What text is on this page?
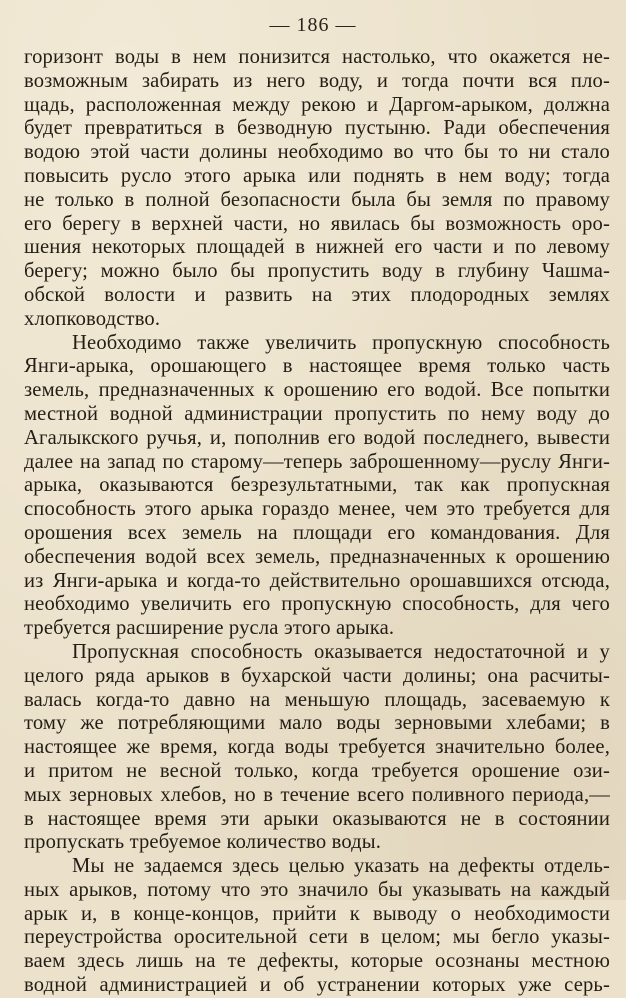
— 186 —
горизонт воды в нем понизится настолько, что окажется не-
возможным забирать из него воду, и тогда почти вся пло-
щадь, расположенная между рекою и Даргом-арыком, должна
будет превратиться в безводную пустыню. Ради обеспечения
водою этой части долины необходимо во что бы то ни стало
повысить русло этого арыка или поднять в нем воду; тогда
не только в полной безопасности была бы земля по правому
его берегу в верхней части, но явилась бы возможность оро-
шения некоторых площадей в нижней его части и по левому
берегу; можно было бы пропустить воду в глубину Чашма-
обской волости и развить на этих плодородных землях
хлопководство.
Необходимо также увеличить пропускную способность
Янги-арыка, орошающего в настоящее время только часть
земель, предназначенных к орошению его водой. Все попытки
местной водной администрации пропустить по нему воду до
Агалыкского ручья, и, пополнив его водой последнего, вывести
далее на запад по старому—теперь заброшенному—руслу Янги-
арыка, оказываются безрезультатными, так как пропускная
способность этого арыка гораздо менее, чем это требуется для
орошения всех земель на площади его командования. Для
обеспечения водой всех земель, предназначенных к орошению
из Янги-арыка и когда-то действительно орошавшихся отсюда,
необходимо увеличить его пропускную способность, для чего
требуется расширение русла этого арыка.
Пропускная способность оказывается недостаточной и у
целого ряда арыков в бухарской части долины; она расчиты-
валась когда-то давно на меньшую площадь, засеваемую к
тому же потребляющими мало воды зерновыми хлебами; в
настоящее же время, когда воды требуется значительно более,
и притом не весной только, когда требуется орошение ози-
мых зерновых хлебов, но в течение всего поливного периода,—
в настоящее время эти арыки оказываются не в состоянии
пропускать требуемое количество воды.
Мы не задаемся здесь целью указать на дефекты отдель-
ных арыков, потому что это значило бы указывать на каждый
арык и, в конце-концов, прийти к выводу о необходимости
переустройства оросительной сети в целом; мы бегло указы-
ваем здесь лишь на те дефекты, которые осознаны местною
водной администрацией и об устранении которых уже серь-
